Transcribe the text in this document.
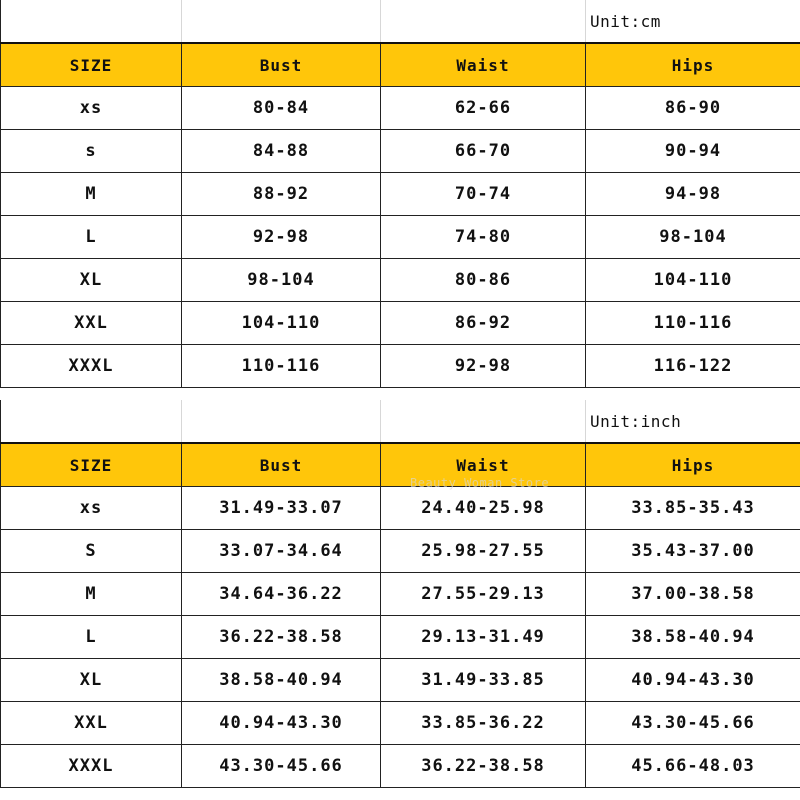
			Unit:cm
SIZE	Bust	Waist	Hips
xs	80-84	62-66	86-90
s	84-88	66-70	90-94
M	88-92	70-74	94-98
L	92-98	74-80	98-104
XL	98-104	80-86	104-110
XXL	104-110	86-92	110-116
XXXL	110-116	92-98	116-122
			Unit:inch
SIZE	Bust	Waist	Hips
xs	31.49-33.07	24.40-25.98	33.85-35.43
S	33.07-34.64	25.98-27.55	35.43-37.00
M	34.64-36.22	27.55-29.13	37.00-38.58
L	36.22-38.58	29.13-31.49	38.58-40.94
XL	38.58-40.94	31.49-33.85	40.94-43.30
XXL	40.94-43.30	33.85-36.22	43.30-45.66
XXXL	43.30-45.66	36.22-38.58	45.66-48.03
Beauty Woman Store
